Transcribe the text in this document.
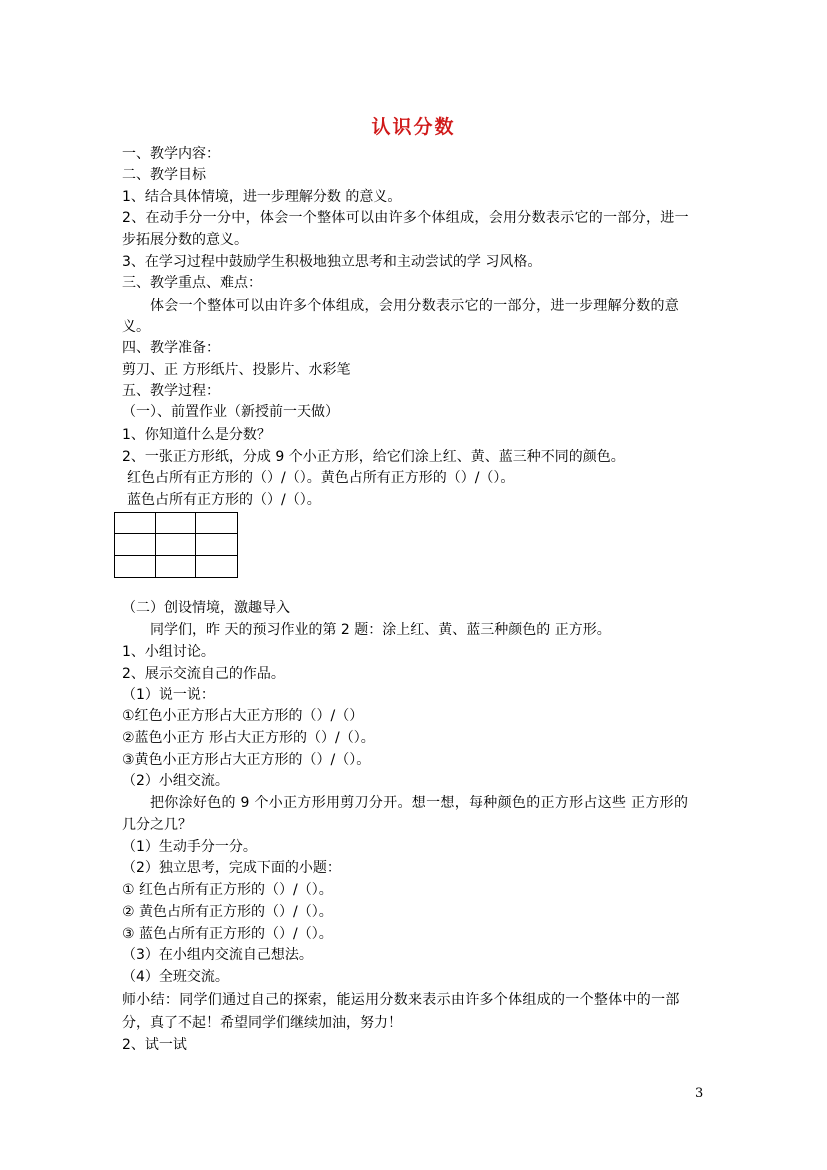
认识分数
一、教学内容：
二、教学目标
1、结合具体情境，进一步理解分数 的意义。
2、在动手分一分中，体会一个整体可以由许多个体组成，会用分数表示它的一部分，进一
步拓展分数的意义。
3、在学习过程中鼓励学生积极地独立思考和主动尝试的学 习风格。
三、教学重点、难点：
体会一个整体可以由许多个体组成，会用分数表示它的一部分，进一步理解分数的意
义。
四、教学准备：
剪刀、正 方形纸片、投影片、水彩笔
五、教学过程：
（一）、前置作业（新授前一天做）
1、你知道什么是分数？
2、一张正方形纸，分成 9 个小正方形，给它们涂上红、黄、蓝三种不同的颜色。
红色占所有正方形的（）/（）。黄色占所有正方形的（）/（）。
蓝色占所有正方形的（）/（）。
（二）创设情境，激趣导入
同学们，昨 天的预习作业的第 2 题：涂上红、黄、蓝三种颜色的 正方形。
1、小组讨论。
2、展示交流自己的作品。
（1）说一说：
①红色小正方形占大正方形的（）/（）
②蓝色小正方 形占大正方形的（）/（）。
③黄色小正方形占大正方形的（）/（）。
（2）小组交流。
把你涂好色的 9 个小正方形用剪刀分开。想一想，每种颜色的正方形占这些 正方形的
几分之几？
（1）生动手分一分。
（2）独立思考，完成下面的小题：
① 红色占所有正方形的（）/（）。
② 黄色占所有正方形的（）/（）。
③ 蓝色占所有正方形的（）/（）。
（3）在小组内交流自己想法。
（4）全班交流。
师小结：同学们通过自己的探索，能运用分数来表示由许多个体组成的一个整体中的一部
分，真了不起！希望同学们继续加油，努力！
2、试一试
3
